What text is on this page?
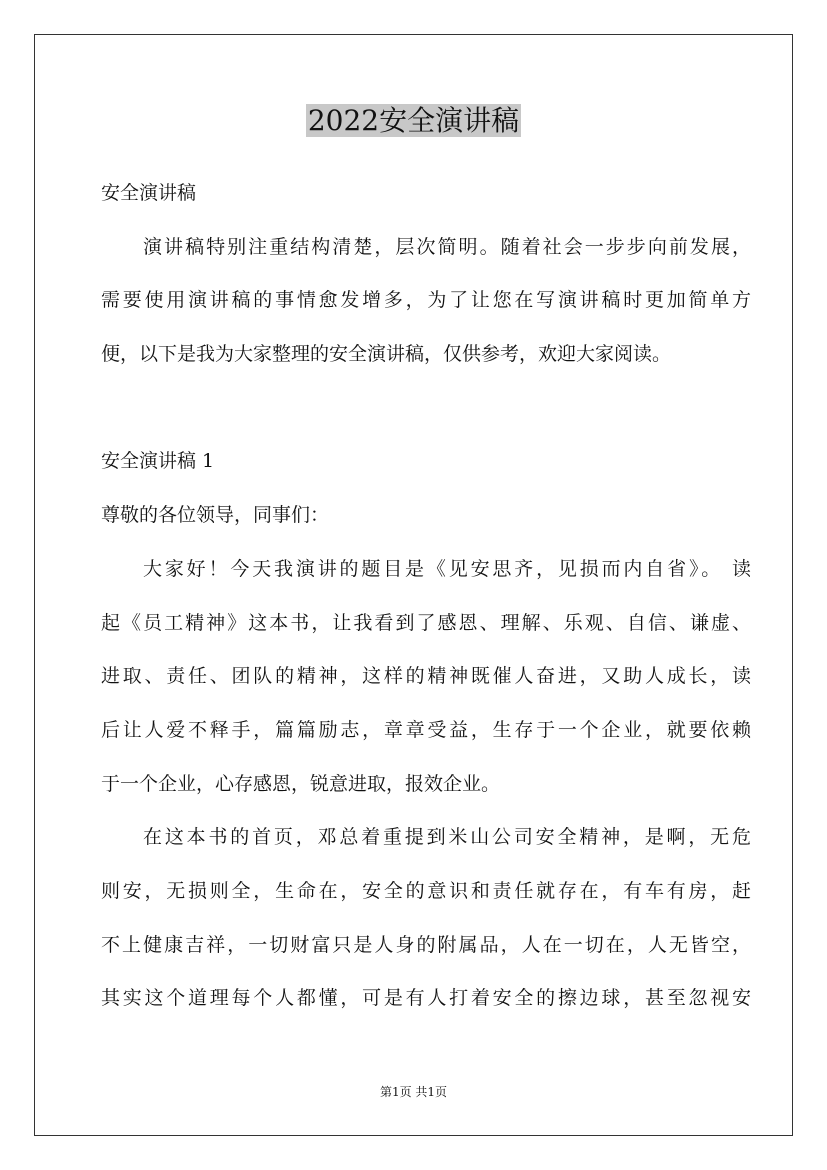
2022安全演讲稿
安全演讲稿
演讲稿特别注重结构清楚，层次简明。随着社会一步步向前发展，
需要使用演讲稿的事情愈发增多，为了让您在写演讲稿时更加简单方
便，以下是我为大家整理的安全演讲稿，仅供参考，欢迎大家阅读。
安全演讲稿 1
尊敬的各位领导，同事们：
大家好！今天我演讲的题目是《见安思齐，见损而内自省》。 读
起《员工精神》这本书，让我看到了感恩、理解、乐观、自信、谦虚、
进取、责任、团队的精神，这样的精神既催人奋进，又助人成长，读
后让人爱不释手，篇篇励志，章章受益，生存于一个企业，就要依赖
于一个企业，心存感恩，锐意进取，报效企业。
在这本书的首页，邓总着重提到米山公司安全精神，是啊，无危
则安，无损则全，生命在，安全的意识和责任就存在，有车有房，赶
不上健康吉祥，一切财富只是人身的附属品，人在一切在，人无皆空，
其实这个道理每个人都懂，可是有人打着安全的擦边球，甚至忽视安
第1页 共1页
